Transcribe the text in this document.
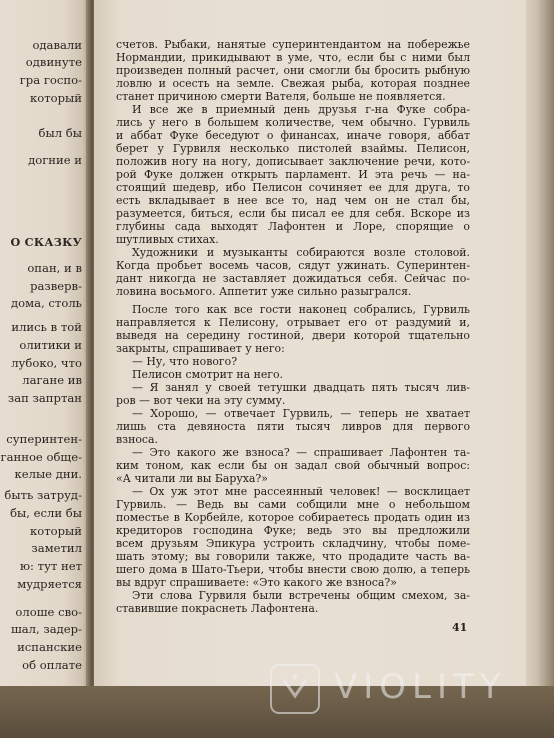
одавали
одвинуте
гра госпо-
который
был бы
догние и
О СКАЗКУ
опан, и в
разверв-
дома, столь
ились в той
олитики и
лубоко, что
лагане ив
зап запртан
суперинтен-
ганное обще-
келые дни.
быть затруд-
бы, если бы
который
заметил
ю: тут нет
мудряется
олоше сво-
шал, задер-
испанские
об оплате
счетов. Рыбаки, нанятые суперинтендантом на побережье
Нормандии, прикидывают в уме, что, если бы с ними был
произведен полный расчет, они смогли бы бросить рыбную
ловлю и осесть на земле. Свежая рыба, которая позднее
станет причиною смерти Вателя, больше не появляется.
И все же в приемный день друзья г-на Фуке собра-
лись у него в большем количестве, чем обычно. Гурвиль
и аббат Фуке беседуют о финансах, иначе говоря, аббат
берет у Гурвиля несколько пистолей взаймы. Пелисон,
положив ногу на ногу, дописывает заключение речи, кото-
рой Фуке должен открыть парламент. И эта речь — на-
стоящий шедевр, ибо Пелисон сочиняет ее для друга, то
есть вкладывает в нее все то, над чем он не стал бы,
разумеется, биться, если бы писал ее для себя. Вскоре из
глубины сада выходят Лафонтен и Лоре, спорящие о
шутливых стихах.
Художники и музыканты собираются возле столовой.
Когда пробьет восемь часов, сядут ужинать. Суперинтен-
дант никогда не заставляет дожидаться себя. Сейчас по-
ловина восьмого. Аппетит уже сильно разыгрался.
После того как все гости наконец собрались, Гурвиль
направляется к Пелисону, отрывает его от раздумий и,
выведя на середину гостиной, двери которой тщательно
закрыты, спрашивает у него:
— Ну, что нового?
Пелисон смотрит на него.
— Я занял у своей тетушки двадцать пять тысяч лив-
ров — вот чеки на эту сумму.
— Хорошо, — отвечает Гурвиль, — теперь не хватает
лишь ста девяноста пяти тысяч ливров для первого
взноса.
— Это какого же взноса? — спрашивает Лафонтен та-
ким тоном, как если бы он задал свой обычный вопрос:
«А читали ли вы Баруха?»
— Ох уж этот мне рассеянный человек! — восклицает
Гурвиль. — Ведь вы сами собщили мне о небольшом
поместье в Корбейле, которое собираетесь продать один из
кредиторов господина Фуке; ведь это вы предложили
всем друзьям Эпикура устроить складчину, чтобы поме-
шать этому; вы говорили также, что продадите часть ва-
шего дома в Шато-Тьери, чтобы внести свою долю, а теперь
вы вдруг спрашиваете: «Это какого же взноса?»
Эти слова Гурвиля были встречены общим смехом, за-
ставившие покраснеть Лафонтена.
41
VIOLITY
